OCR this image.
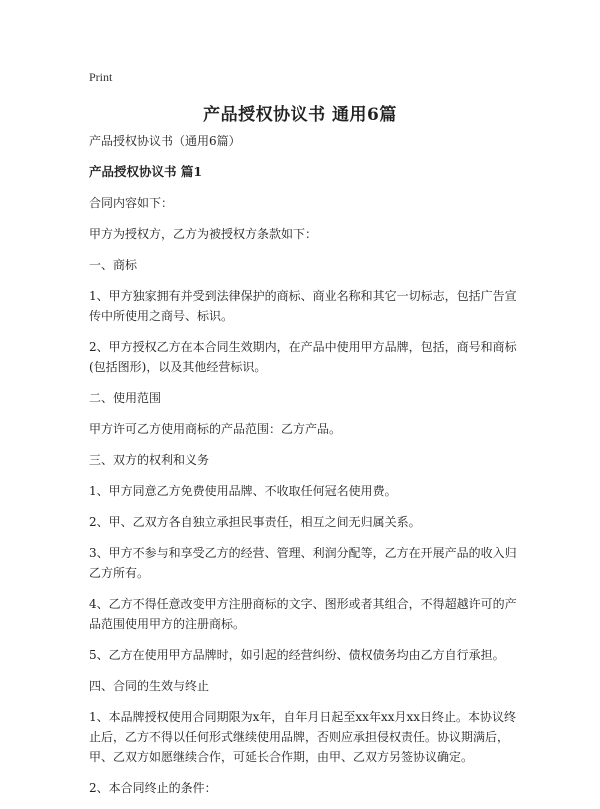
Print
产品授权协议书 通用6篇

产品授权协议书（通用6篇）

产品授权协议书 篇1

合同内容如下：

甲方为授权方，乙方为被授权方条款如下：

一、商标

1、甲方独家拥有并受到法律保护的商标、商业名称和其它一切标志，包括广告宣传中所使用之商号、标识。

2、甲方授权乙方在本合同生效期内，在产品中使用甲方品牌，包括，商号和商标(包括图形)，以及其他经营标识。

二、使用范围

甲方许可乙方使用商标的产品范围：乙方产品。

三、双方的权利和义务

1、甲方同意乙方免费使用品牌、不收取任何冠名使用费。

2、甲、乙双方各自独立承担民事责任，相互之间无归属关系。

3、甲方不参与和享受乙方的经营、管理、利润分配等，乙方在开展产品的收入归乙方所有。

4、乙方不得任意改变甲方注册商标的文字、图形或者其组合，不得超越许可的产品范围使用甲方的注册商标。

5、乙方在使用甲方品牌时，如引起的经营纠纷、债权债务均由乙方自行承担。

四、合同的生效与终止

1、本品牌授权使用合同期限为x年，自年月日起至xx年xx月xx日终止。本协议终止后，乙方不得以任何形式继续使用品牌，否则应承担侵权责任。协议期满后，甲、乙双方如愿继续合作，可延长合作期，由甲、乙双方另签协议确定。

2、本合同终止的条件：
